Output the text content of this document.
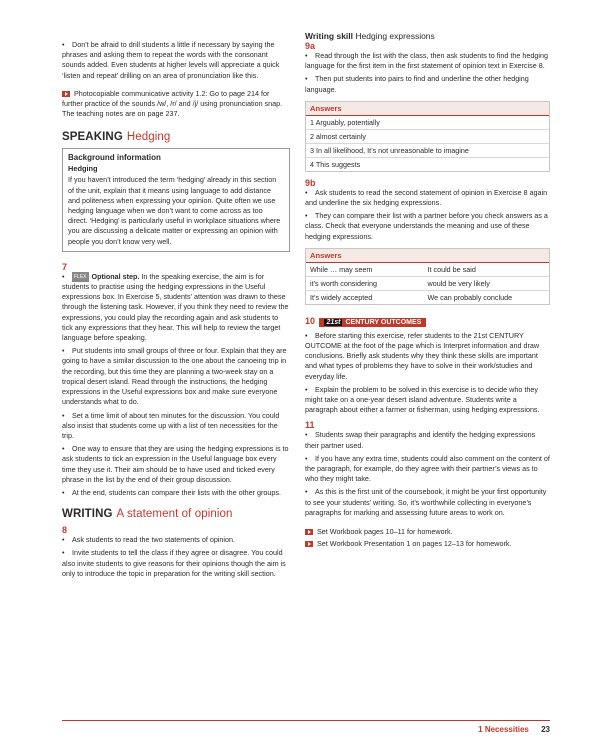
• Don’t be afraid to drill students a little if necessary by saying the phrases and asking them to repeat the words with the consonant sounds added. Even students at higher levels will appreciate a quick ‘listen and repeat’ drilling on an area of pronunciation like this.

Photocopiable communicative activity 1.2: Go to page 214 for further practice of the sounds /w/, /r/ and /j/ using pronunciation snap. The teaching notes are on page 237.

SPEAKING Hedging
Background information
Hedging

If you haven’t introduced the term ‘hedging’ already in this section of the unit, explain that it means using language to add distance and politeness when expressing your opinion. Quite often we use hedging language when we don’t want to come across as too direct. ‘Hedging’ is particularly useful in workplace situations where you are discussing a delicate matter or expressing an opinion with people you don’t know very well.

7

• FLEX Optional step. In the speaking exercise, the aim is for students to practise using the hedging expressions in the Useful expressions box. In Exercise 5, students’ attention was drawn to these through the listening task. However, if you think they need to review the expressions, you could play the recording again and ask students to tick any expressions that they hear. This will help to review the target language before speaking.

• Put students into small groups of three or four. Explain that they are going to have a similar discussion to the one about the canoeing trip in the recording, but this time they are planning a two-week stay on a tropical desert island. Read through the instructions, the hedging expressions in the Useful expressions box and make sure everyone understands what to do.

• Set a time limit of about ten minutes for the discussion. You could also insist that students come up with a list of ten necessities for the trip.

• One way to ensure that they are using the hedging expressions is to ask students to tick an expression in the Useful language box every time they use it. Their aim should be to have used and ticked every phrase in the list by the end of their group discussion.

• At the end, students can compare their lists with the other groups.

WRITING A statement of opinion
8

• Ask students to read the two statements of opinion.

• Invite students to tell the class if they agree or disagree. You could also invite students to give reasons for their opinions though the aim is only to introduce the topic in preparation for the writing skill section.

Writing skill Hedging expressions
9a

• Read through the list with the class, then ask students to find the hedging language for the first item in the first statement of opinion text in Exercise 8.

• Then put students into pairs to find and underline the other hedging language.

Answers
1 Arguably, potentially
2 almost certainly
3 In all likelihood, It’s not unreasonable to imagine
4 This suggests
9b

• Ask students to read the second statement of opinion in Exercise 8 again and underline the six hedging expressions.

• They can compare their list with a partner before you check answers as a class. Check that everyone understands the meaning and use of these hedging expressions.

Answers
While … may seem	It could be said
it’s worth considering	would be very likely
It’s widely accepted	We can probably conclude
10 21st CENTURY OUTCOMES

• Before starting this exercise, refer students to the 21st CENTURY OUTCOME at the foot of the page which is Interpret information and draw conclusions. Briefly ask students why they think these skills are important and what types of problems they have to solve in their work/studies and everyday life.

• Explain the problem to be solved in this exercise is to decide who they might take on a one-year desert island adventure. Students write a paragraph about either a farmer or fisherman, using hedging expressions.

11

• Students swap their paragraphs and identify the hedging expressions their partner used.

• If you have any extra time, students could also comment on the content of the paragraph, for example, do they agree with their partner’s views as to who they might take.

• As this is the first unit of the coursebook, it might be your first opportunity to see your students’ writing. So, it’s worthwhile collecting in everyone’s paragraphs for marking and assessing future areas to work on.

Set Workbook pages 10–11 for homework.

Set Workbook Presentation 1 on pages 12–13 for homework.

1 Necessities 23
